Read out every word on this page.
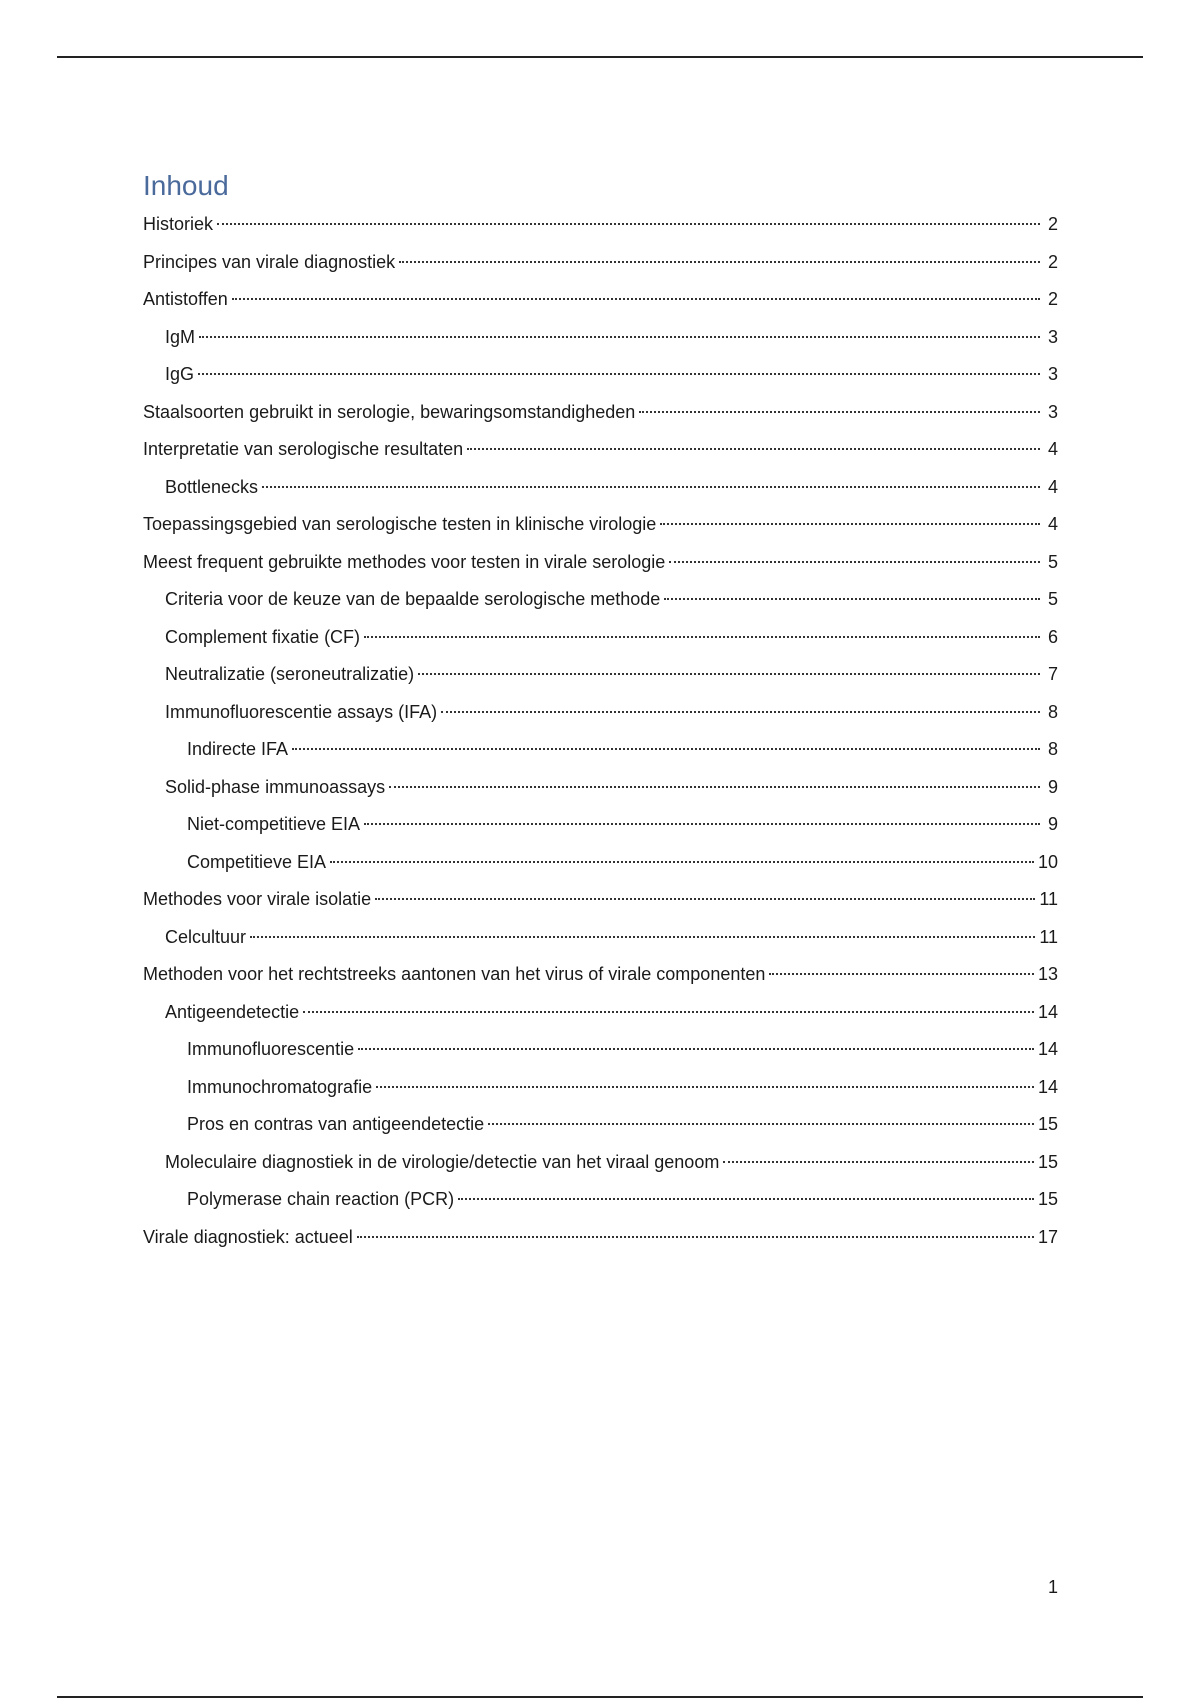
Inhoud
Historiek	2
Principes van virale diagnostiek	2
Antistoffen	2
IgM	3
IgG	3
Staalsoorten gebruikt in serologie, bewaringsomstandigheden	3
Interpretatie van serologische resultaten	4
Bottlenecks	4
Toepassingsgebied van serologische testen in klinische virologie	4
Meest frequent gebruikte methodes voor testen in virale serologie	5
Criteria voor de keuze van de bepaalde serologische methode	5
Complement fixatie (CF)	6
Neutralizatie (seroneutralizatie)	7
Immunofluorescentie assays (IFA)	8
Indirecte IFA	8
Solid-phase immunoassays	9
Niet-competitieve EIA	9
Competitieve EIA	10
Methodes voor virale isolatie	11
Celcultuur	11
Methoden voor het rechtstreeks aantonen van het virus of virale componenten	13
Antigeendetectie	14
Immunofluorescentie	14
Immunochromatografie	14
Pros en contras van antigeendetectie	15
Moleculaire diagnostiek in de virologie/detectie van het viraal genoom	15
Polymerase chain reaction (PCR)	15
Virale diagnostiek: actueel	17
1
